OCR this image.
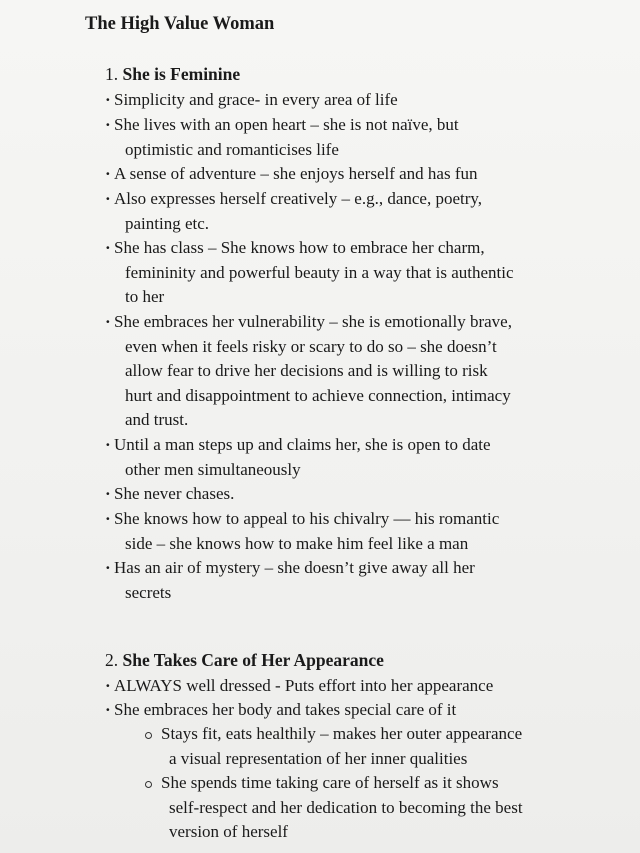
The High Value Woman
1. She is Feminine
· Simplicity and grace- in every area of life
· She lives with an open heart – she is not naïve, but
optimistic and romanticises life
· A sense of adventure – she enjoys herself and has fun
· Also expresses herself creatively – e.g., dance, poetry,
painting etc.
· She has class – She knows how to embrace her charm,
femininity and powerful beauty in a way that is authentic
to her
· She embraces her vulnerability – she is emotionally brave,
even when it feels risky or scary to do so – she doesn’t
allow fear to drive her decisions and is willing to risk
hurt and disappointment to achieve connection, intimacy
and trust.
· Until a man steps up and claims her, she is open to date
other men simultaneously
· She never chases.
· She knows how to appeal to his chivalry — his romantic
side – she knows how to make him feel like a man
· Has an air of mystery – she doesn’t give away all her
secrets
2. She Takes Care of Her Appearance
· ALWAYS well dressed - Puts effort into her appearance
· She embraces her body and takes special care of it
Stays fit, eats healthily – makes her outer appearance
a visual representation of her inner qualities
She spends time taking care of herself as it shows
self-respect and her dedication to becoming the best
version of herself
